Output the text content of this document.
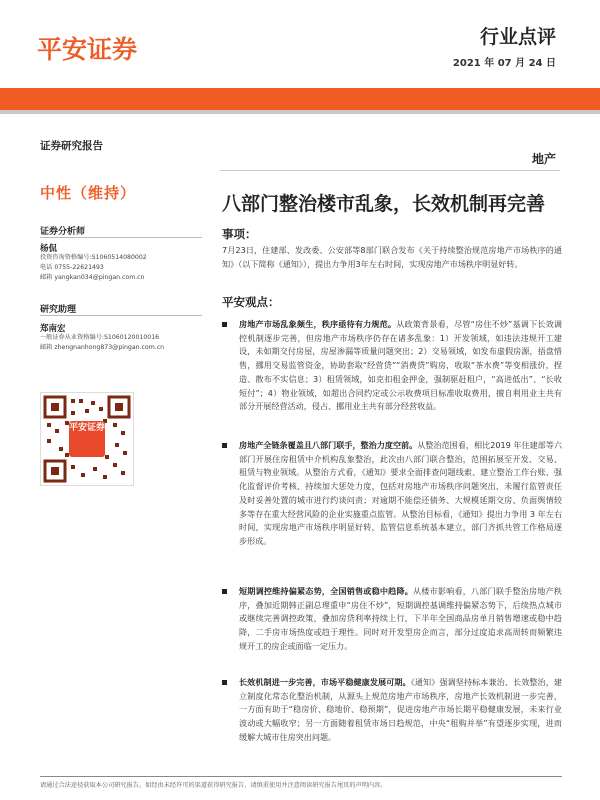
平安证券	行业点评
2021 年 07 月 24 日
证券研究报告
地产
中性（维持）	八部门整治楼市乱象，长效机制再完善
证券分析师
杨侃
投资咨询资格编号:S1060514080002
电话 0755-22621493
邮箱 yangkan034@pingan.com.cn
研究助理
郑南宏
一般证券从业资格编号:S1060120010016
邮箱 zhengnanhong873@pingan.com.cn
平安证券
事项：
7月23日，住建部、发改委、公安部等8部门联合发布《关于持续整治规范房地产市场秩序的通知》（以下简称《通知》），提出力争用3年左右时间，实现房地产市场秩序明显好转。
平安观点：
房地产市场乱象频生，秩序亟待有力规范。从政策背景看，尽管“房住不炒”基调下长效调控机制逐步完善，但房地产市场秩序仍存在诸多乱象：1）开发领域，如违法违规开工建设，未如期交付房屋，房屋渗漏等质量问题突出；2）交易领域，如发布虚假房源，捂盘惜售，挪用交易监管资金，协助套取“经营贷”“消费贷”购房，收取“茶水费”等变相涨价，捏造、散布不实信息；3）租赁领域，如克扣租金押金，强制驱赶租户，“高进低出”、“长收短付”；4）物业领域，如超出合同约定或公示收费项目标准收取费用，擅自利用业主共有部分开展经营活动，侵占、挪用业主共有部分经营收益。
房地产全链条覆盖且八部门联手，整治力度空前。从整治范围看，相比2019 年住建部等六部门开展住房租赁中介机构乱象整治，此次由八部门联合整治，范围拓展至开发、交易、租赁与物业领域。从整治方式看，《通知》要求全面排查问题线索、建立整治工作台账、强化监督评价考核、持续加大惩处力度，包括对房地产市场秩序问题突出、未履行监管责任及时妥善处置的城市进行约谈问责；对逾期不能偿还债务、大规模延期交房、负面舆情较多等存在重大经营风险的企业实施重点监管。从整治目标看，《通知》提出力争用 3 年左右时间，实现房地产市场秩序明显好转，监管信息系统基本建立，部门齐抓共管工作格局逐步形成。
短期调控维持偏紧态势，全国销售或稳中趋降。从楼市影响看，八部门联手整治房地产秩序，叠加近期韩正副总理重申“房住不炒”，短期调控基调维持偏紧态势下，后续热点城市或继续完善调控政策，叠加房贷利率持续上行，下半年全国商品房单月销售增速或稳中趋降，二手房市场热度或趋于理性。同时对开发型房企而言，部分过度追求高周转而频繁违规开工的房企或面临一定压力。
长效机制进一步完善，市场平稳健康发展可期。《通知》强调坚持标本兼治、长效整治，建立制度化常态化整治机制，从源头上规范房地产市场秩序，房地产长效机制进一步完善，一方面有助于“稳房价、稳地价、稳预期”，促进房地产市场长期平稳健康发展，未来行业波动或大幅收窄；另一方面随着租赁市场日趋规范，中央“租购并举”有望逐步实现，进而缓解大城市住房突出问题。
请通过合法途径获取本公司研究报告，如经由未经许可的渠道获得研究报告，请慎重使用并注意阅读研究报告尾页的声明内容。
